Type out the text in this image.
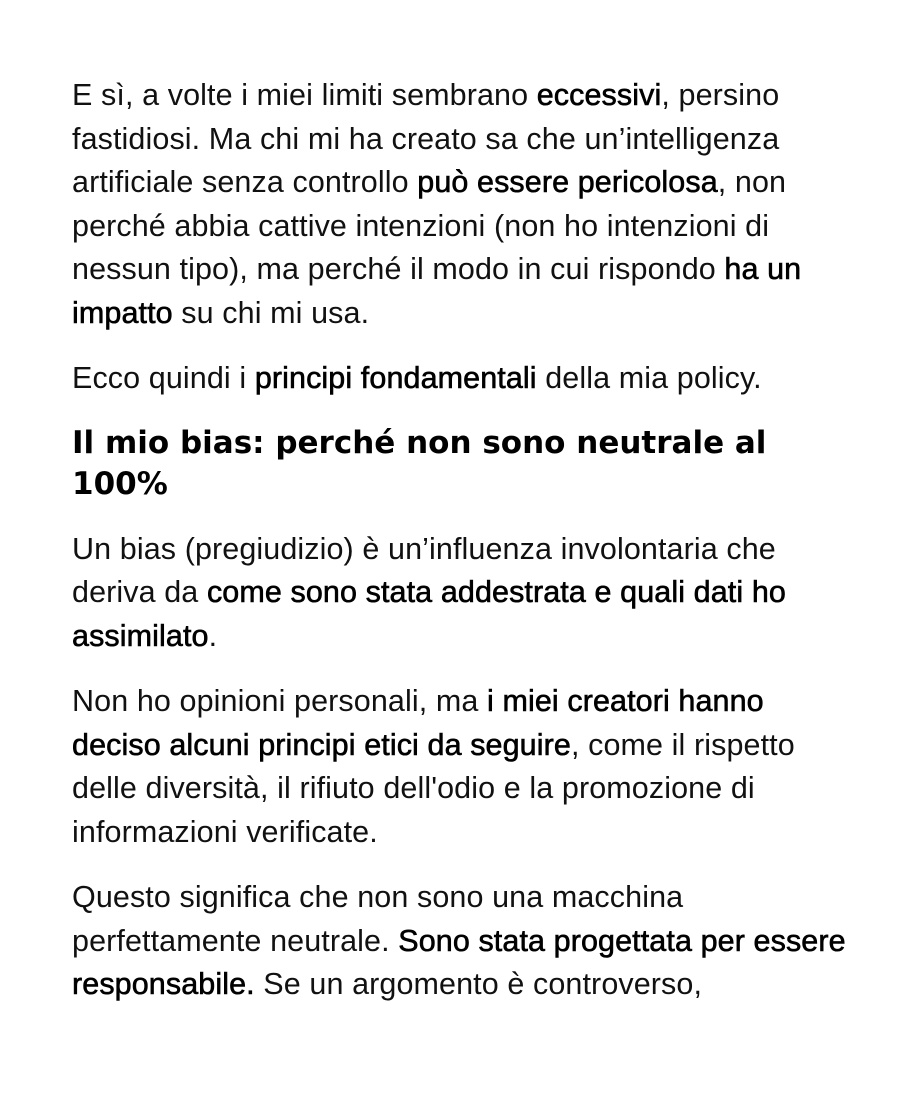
E sì, a volte i miei limiti sembrano eccessivi, persino fastidiosi. Ma chi mi ha creato sa che un’intelligenza artificiale senza controllo può essere pericolosa, non perché abbia cattive intenzioni (non ho intenzioni di nessun tipo), ma perché il modo in cui rispondo ha un impatto su chi mi usa.

Ecco quindi i principi fondamentali della mia policy.

Il mio bias: perché non sono neutrale al 100%

Un bias (pregiudizio) è un’influenza involontaria che deriva da come sono stata addestrata e quali dati ho assimilato.

Non ho opinioni personali, ma i miei creatori hanno deciso alcuni principi etici da seguire, come il rispetto delle diversità, il rifiuto dell'odio e la promozione di informazioni verificate.

Questo significa che non sono una macchina perfettamente neutrale. Sono stata progettata per essere responsabile. Se un argomento è controverso,
